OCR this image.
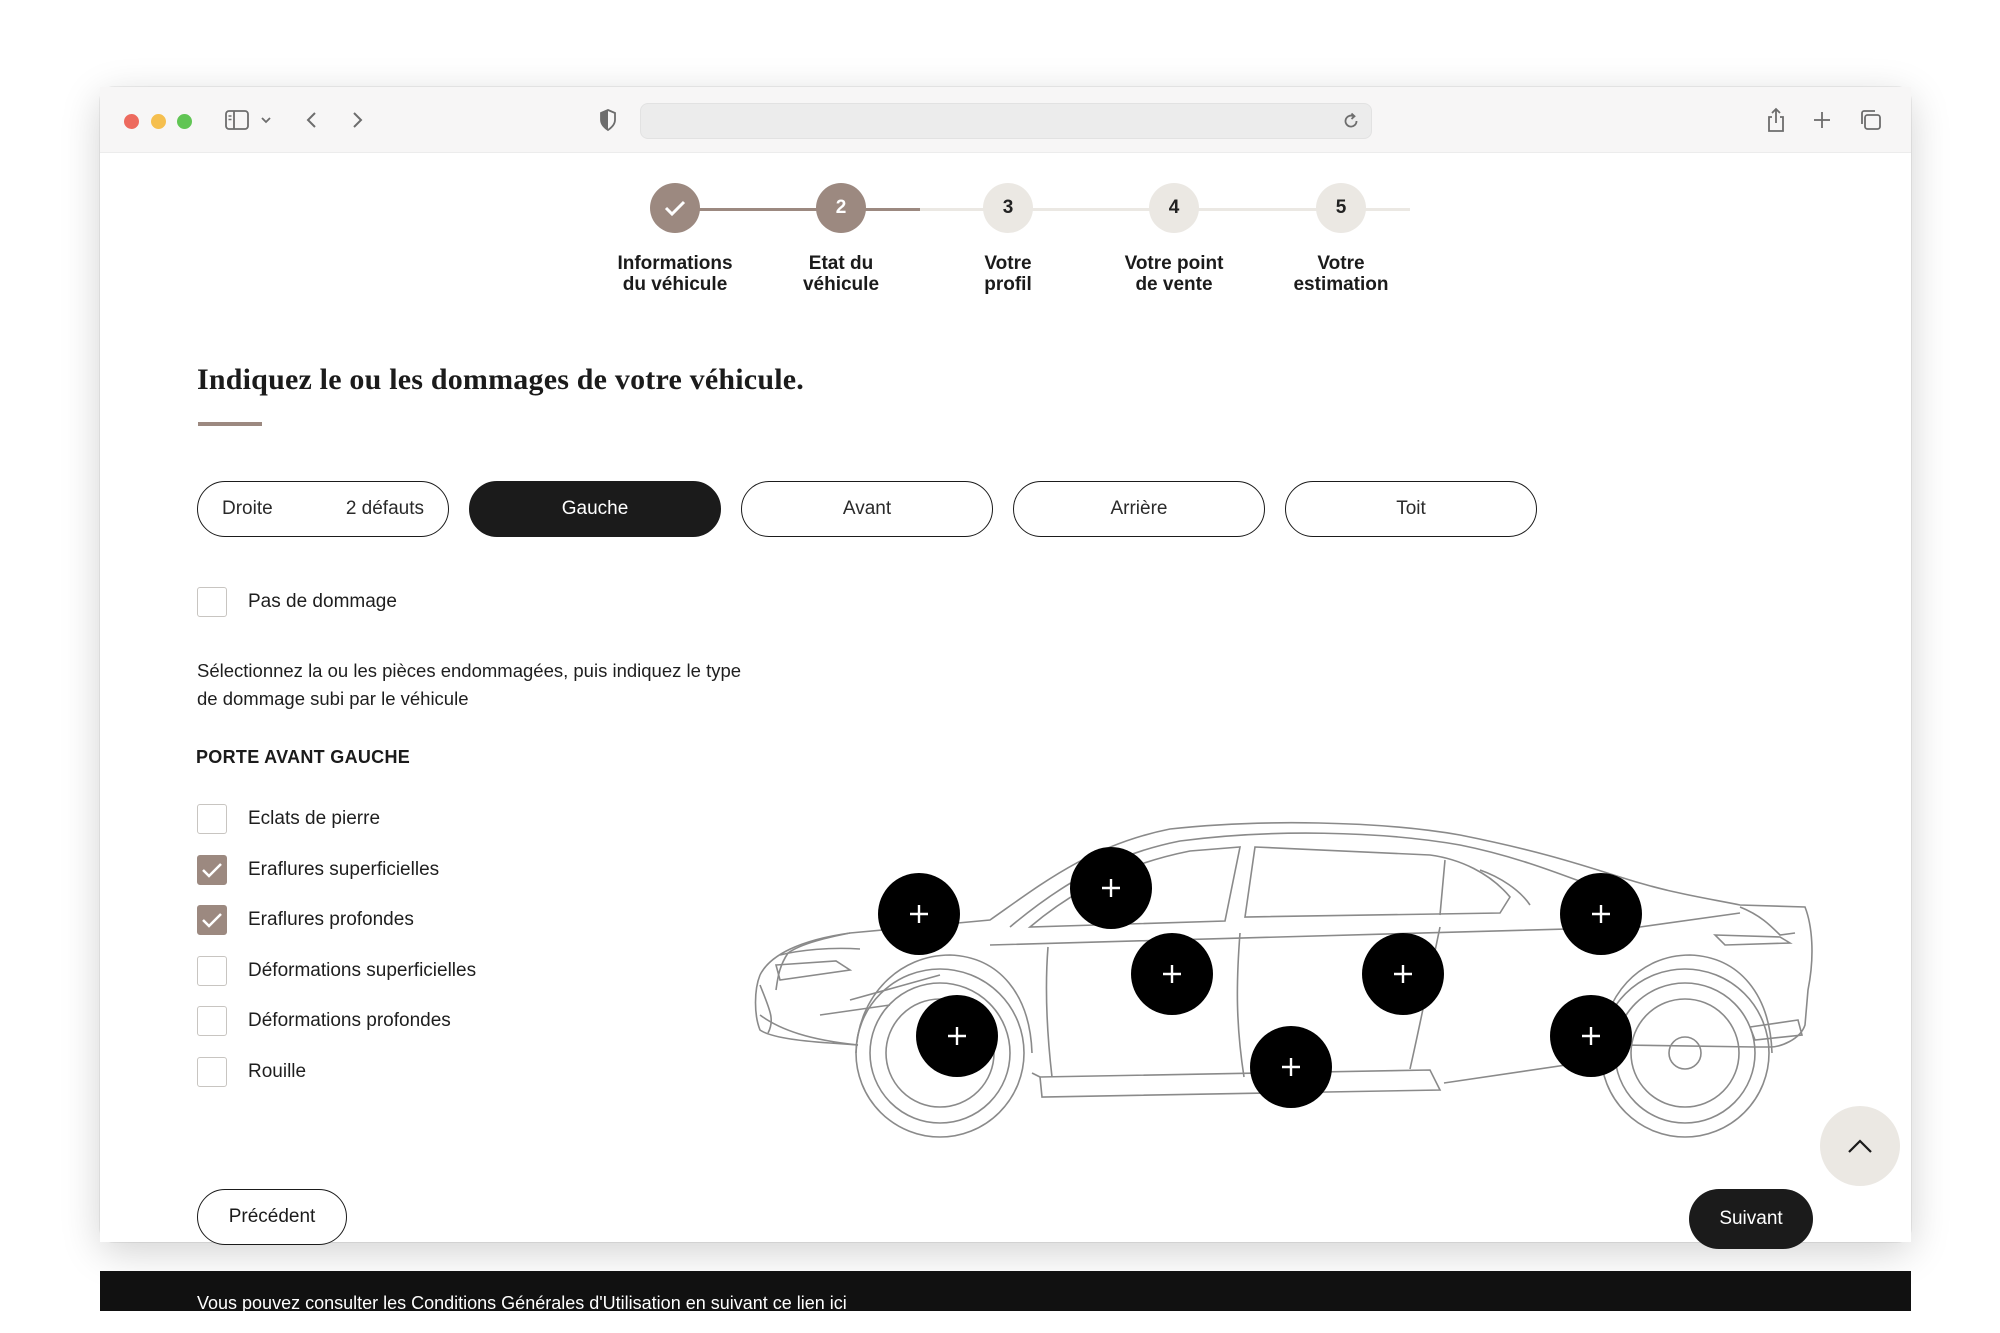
2	3	4	5
Informations
du véhicule
Etat du
véhicule
Votre
profil
Votre point
de vente
Votre
estimation
Indiquez le ou les dommages de votre véhicule.
Droite	2 défauts	Gauche	Avant	Arrière	Toit
Pas de dommage
Sélectionnez la ou les pièces endommagées, puis indiquez le type de dommage subi par le véhicule
PORTE AVANT GAUCHE
Eclats de pierre
Eraflures superficielles
Eraflures profondes
Déformations superficielles
Déformations profondes
Rouille
Précédent	Suivant
Vous pouvez consulter les Conditions Générales d'Utilisation en suivant ce lien ici
